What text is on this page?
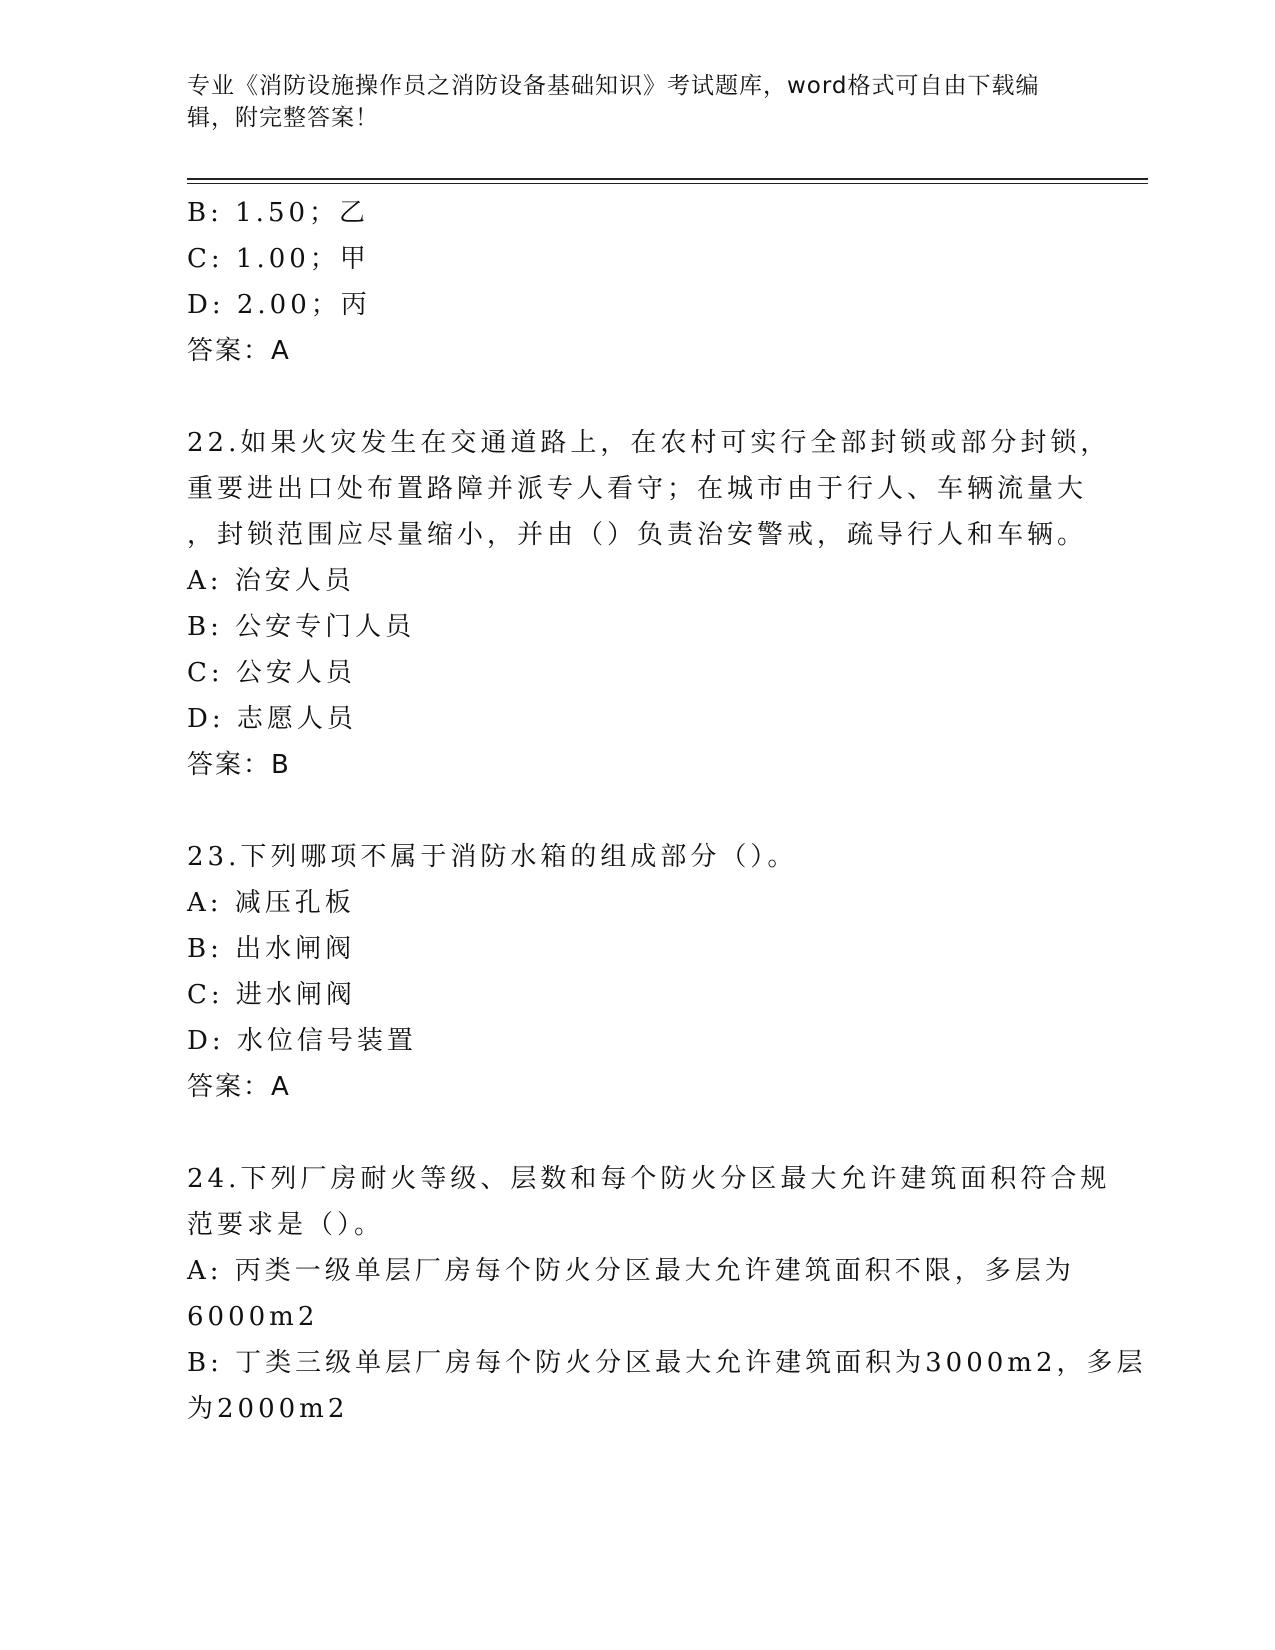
专业《消防设施操作员之消防设备基础知识》考试题库，word格式可自由下载编辑，附完整答案！
B: 1.50；乙
C: 1.00；甲
D: 2.00；丙
答案：A
22.如果火灾发生在交通道路上，在农村可实行全部封锁或部分封锁，
重要进出口处布置路障并派专人看守；在城市由于行人、车辆流量大
，封锁范围应尽量缩小，并由（）负责治安警戒，疏导行人和车辆。
A: 治安人员
B: 公安专门人员
C: 公安人员
D: 志愿人员
答案：B
23.下列哪项不属于消防水箱的组成部分（）。
A: 减压孔板
B: 出水闸阀
C: 进水闸阀
D: 水位信号装置
答案：A
24.下列厂房耐火等级、层数和每个防火分区最大允许建筑面积符合规
范要求是（）。
A: 丙类一级单层厂房每个防火分区最大允许建筑面积不限，多层为
6000m2
B: 丁类三级单层厂房每个防火分区最大允许建筑面积为3000m2，多层
为2000m2
